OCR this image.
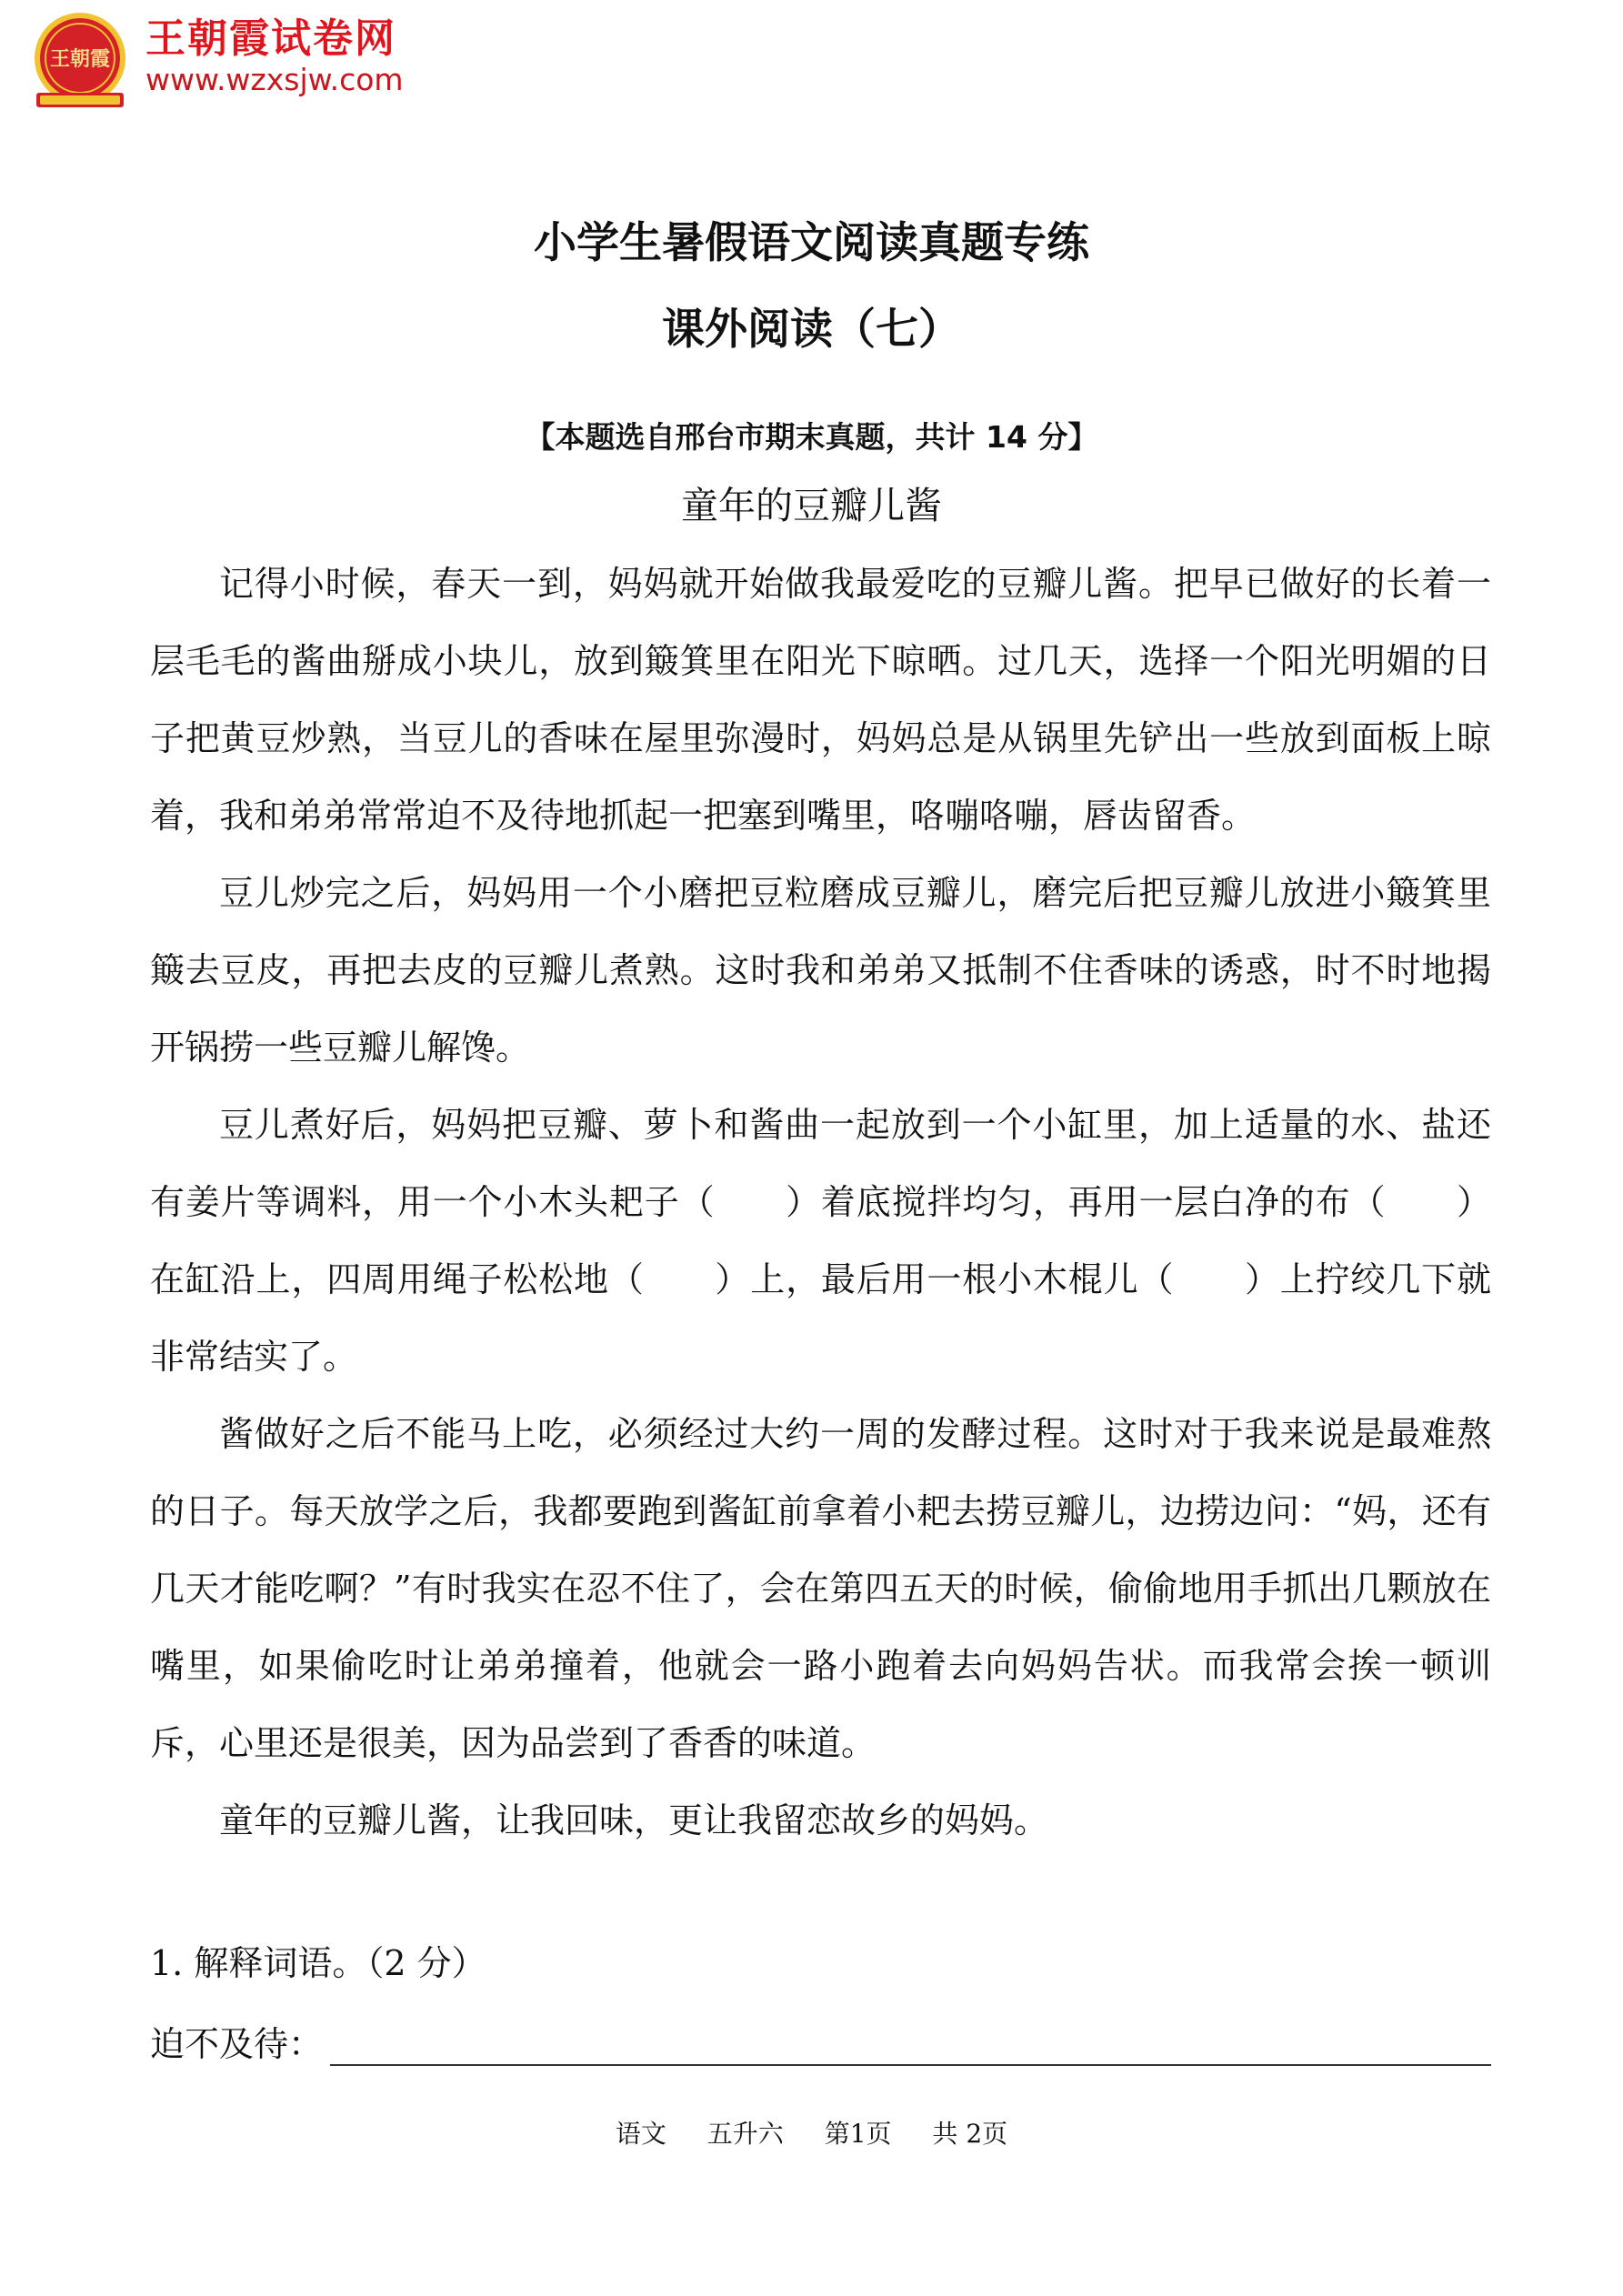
王朝霞 王朝霞试卷网
www.wzxsjw.com
小学生暑假语文阅读真题专练
课外阅读（七）
【本题选自邢台市期末真题，共计 14 分】
童年的豆瓣儿酱

记得小时候，春天一到，妈妈就开始做我最爱吃的豆瓣儿酱。把早已做好的长着一层毛毛的酱曲掰成小块儿，放到簸箕里在阳光下晾晒。过几天，选择一个阳光明媚的日子把黄豆炒熟，当豆儿的香味在屋里弥漫时，妈妈总是从锅里先铲出一些放到面板上晾着，我和弟弟常常迫不及待地抓起一把塞到嘴里，咯嘣咯嘣，唇齿留香。

豆儿炒完之后，妈妈用一个小磨把豆粒磨成豆瓣儿，磨完后把豆瓣儿放进小簸箕里簸去豆皮，再把去皮的豆瓣儿煮熟。这时我和弟弟又抵制不住香味的诱惑，时不时地揭开锅捞一些豆瓣儿解馋。

豆儿煮好后，妈妈把豆瓣、萝卜和酱曲一起放到一个小缸里，加上适量的水、盐还有姜片等调料，用一个小木头耙子（　　）着底搅拌均匀，再用一层白净的布（　　）在缸沿上，四周用绳子松松地（　　）上，最后用一根小木棍儿（　　）上拧绞几下就非常结实了。

酱做好之后不能马上吃，必须经过大约一周的发酵过程。这时对于我来说是最难熬的日子。每天放学之后，我都要跑到酱缸前拿着小耙去捞豆瓣儿，边捞边问：“妈，还有几天才能吃啊？”有时我实在忍不住了，会在第四五天的时候，偷偷地用手抓出几颗放在嘴里，如果偷吃时让弟弟撞着，他就会一路小跑着去向妈妈告状。而我常会挨一顿训斥，心里还是很美，因为品尝到了香香的味道。

童年的豆瓣儿酱，让我回味，更让我留恋故乡的妈妈。

1. 解释词语。（2 分）
迫不及待：
语文 五升六 第1页 共 2页
